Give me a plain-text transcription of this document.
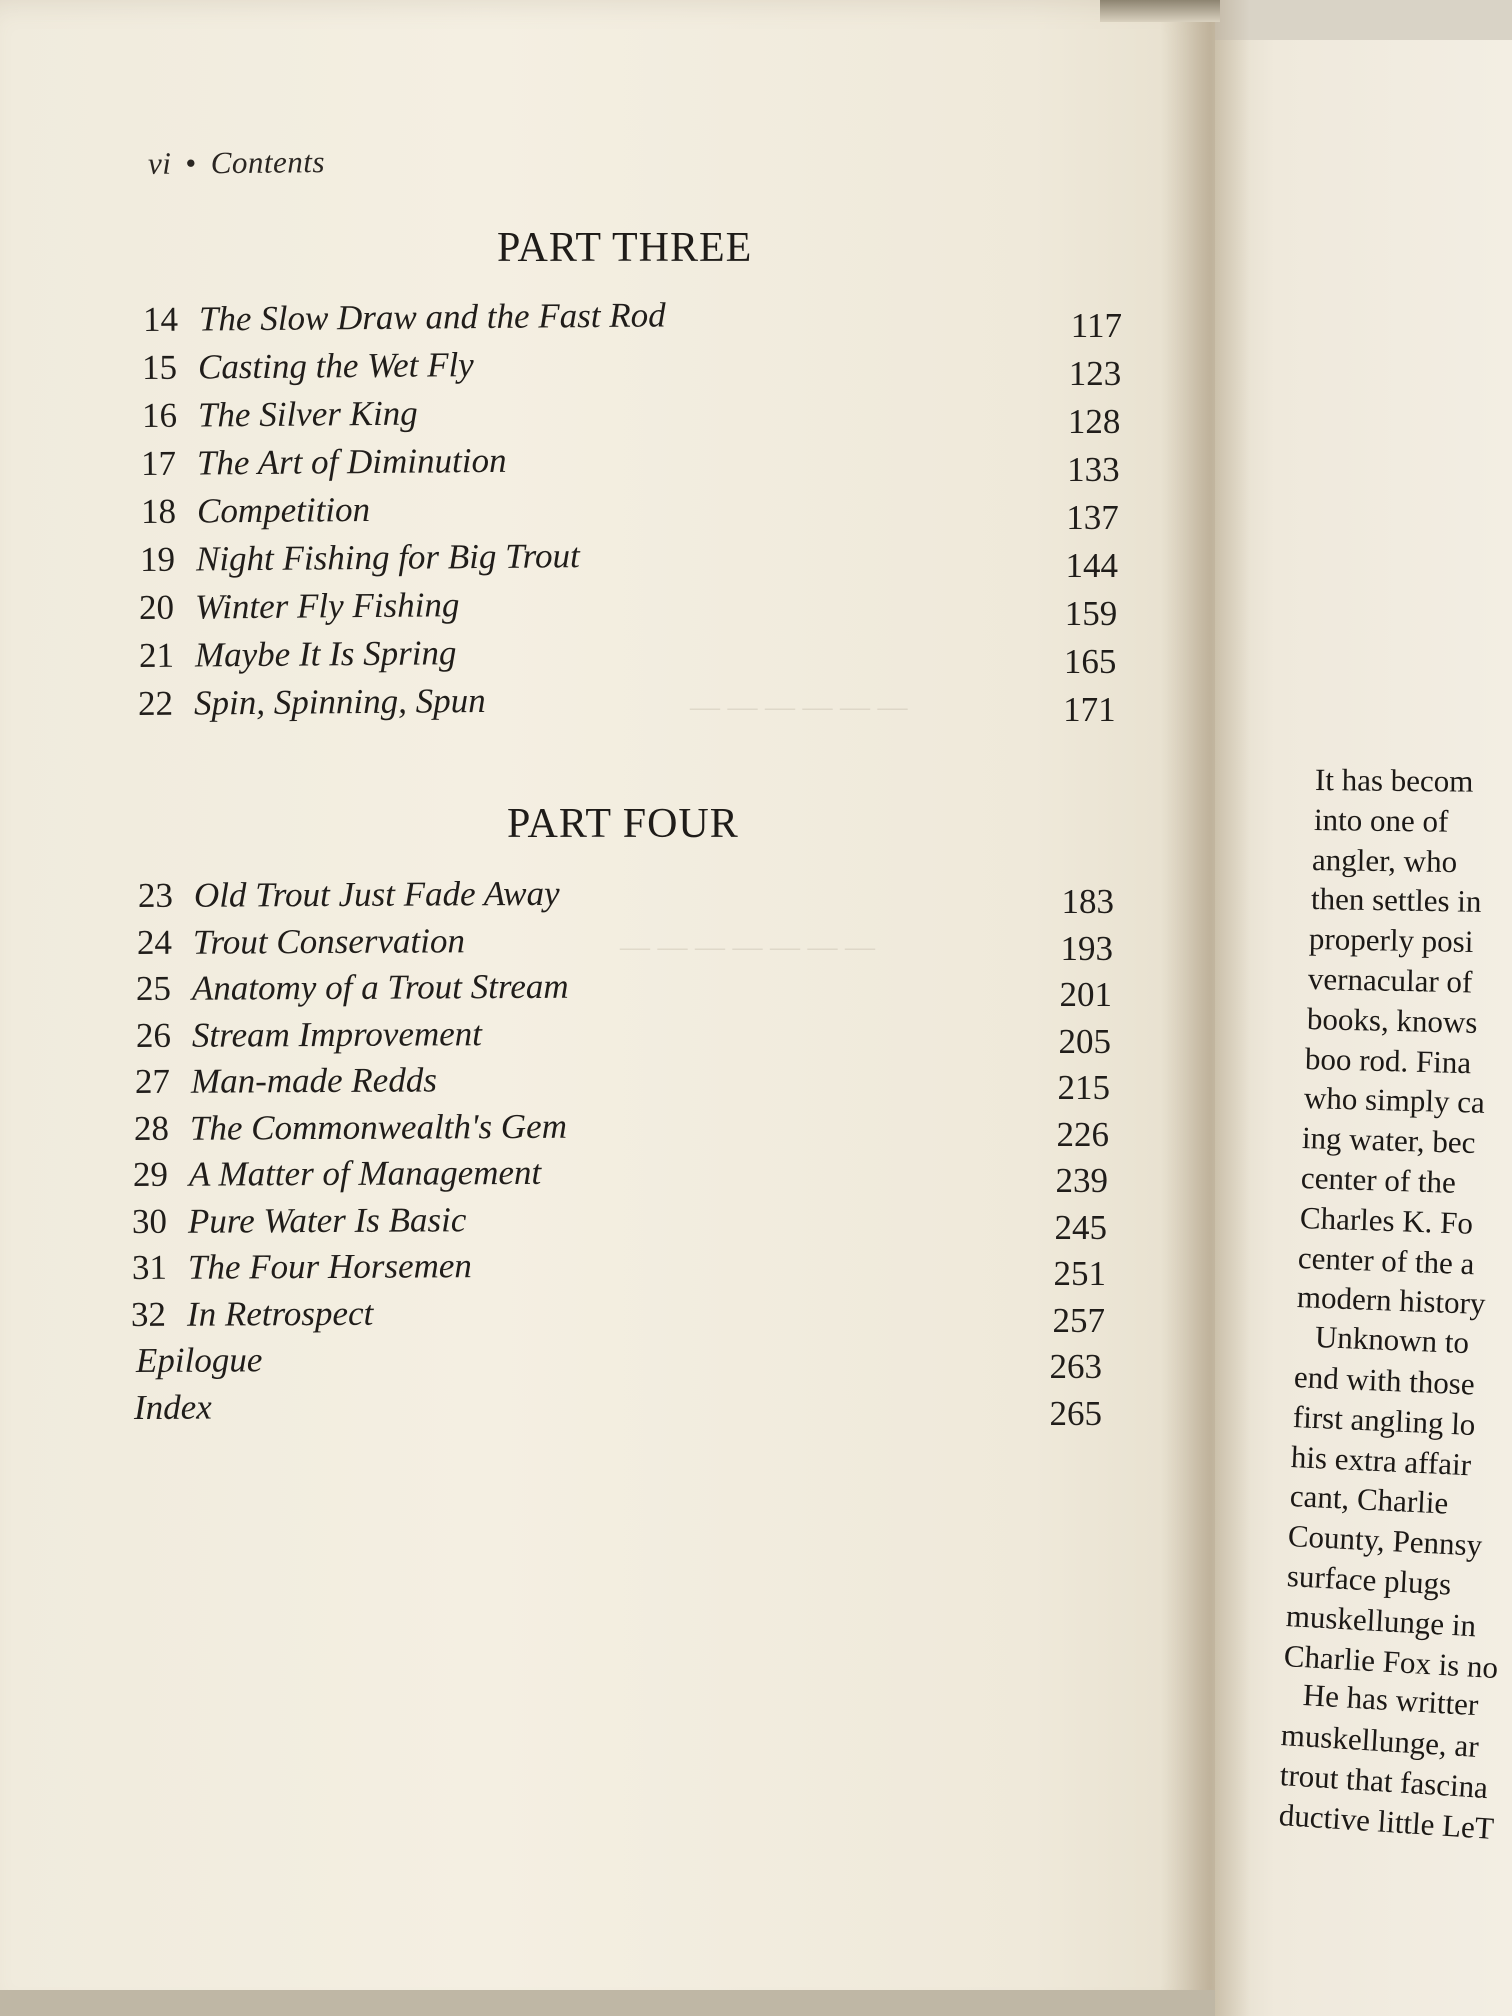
— — — — — —
— — — — — — —
vi • Contents
PART THREE
14 The Slow Draw and the Fast Rod	117
15 Casting the Wet Fly	123
16 The Silver King	128
17 The Art of Diminution	133
18 Competition	137
19 Night Fishing for Big Trout	144
20 Winter Fly Fishing	159
21 Maybe It Is Spring	165
22 Spin, Spinning, Spun	171
PART FOUR
23 Old Trout Just Fade Away	183
24 Trout Conservation	193
25 Anatomy of a Trout Stream	201
26 Stream Improvement	205
27 Man-made Redds	215
28 The Commonwealth's Gem	226
29 A Matter of Management	239
30 Pure Water Is Basic	245
31 The Four Horsemen	251
32 In Retrospect	257
Epilogue	263
Index	265
It has becom
into one of
angler, who
then settles in
properly posi
vernacular of
books, knows
boo rod. Fina
who simply ca
ing water, bec
center of the
Charles K. Fo
center of the a
modern history
Unknown to
end with those
first angling lo
his extra affair
cant, Charlie
County, Pennsy
surface plugs
muskellunge in
Charlie Fox is no
He has writter
muskellunge, ar
trout that fascina
ductive little LeT
